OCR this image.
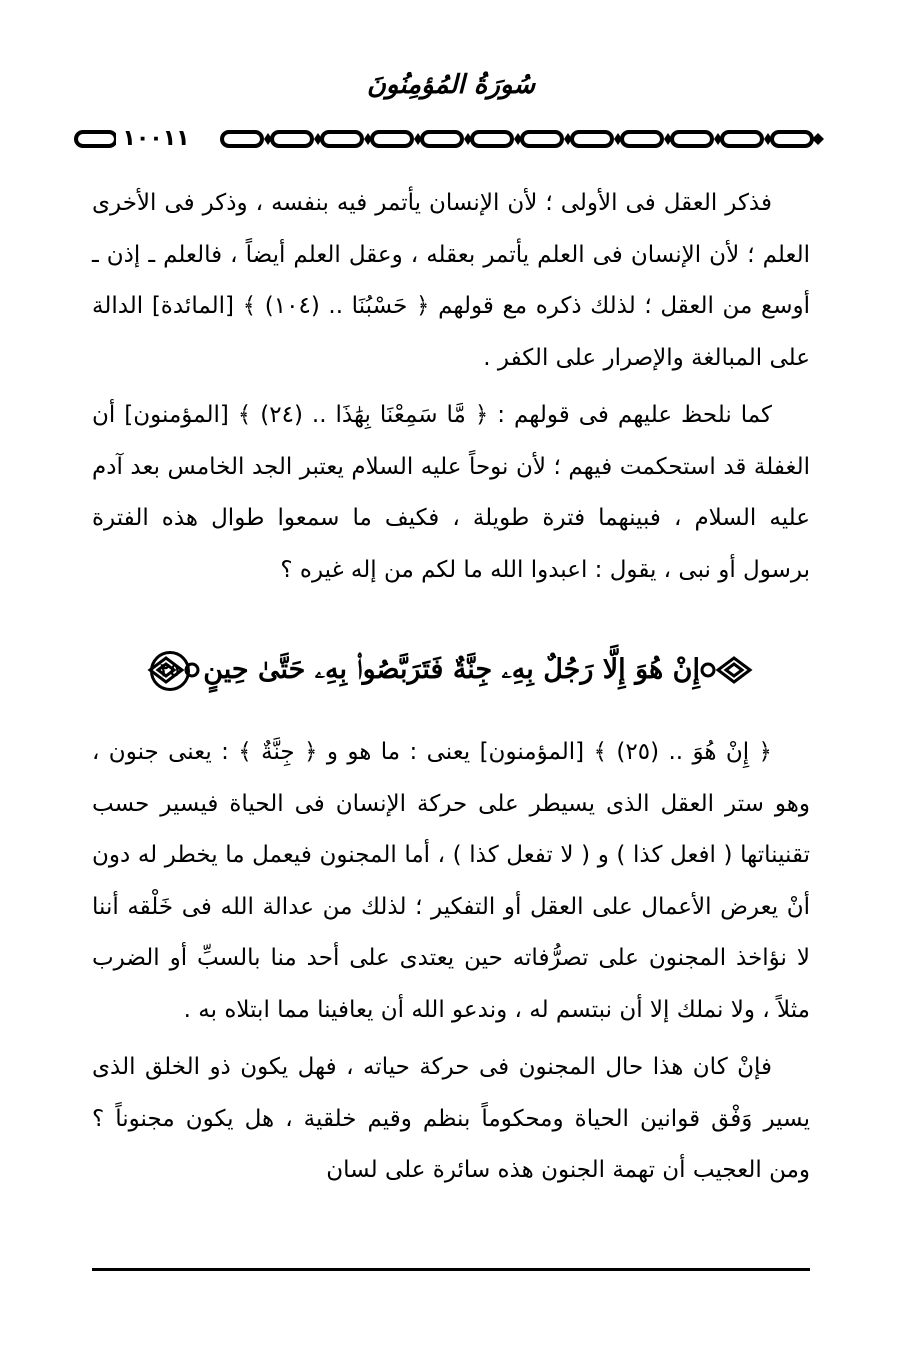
سُورَةُ المُؤمِنُونَ
١٠٠١١

فذكر العقل فى الأولى ؛ لأن الإنسان يأتمر فيه بنفسه ، وذكر فى الأخرى العلم ؛ لأن الإنسان فى العلم يأتمر بعقله ، وعقل العلم أيضاً ، فالعلم ـ إذن ـ أوسع من العقل ؛ لذلك ذكره مع قولهم ﴿ حَسْبُنَا .. (١٠٤) ﴾ [المائدة] الدالة على المبالغة والإصرار على الكفر .

كما نلحظ عليهم فى قولهم : ﴿ مَّا سَمِعْنَا بِهَٰذَا .. (٢٤) ﴾ [المؤمنون] أن الغفلة قد استحكمت فيهم ؛ لأن نوحاً عليه السلام يعتبر الجد الخامس بعد آدم عليه السلام ، فبينهما فترة طويلة ، فكيف ما سمعوا طوال هذه الفترة برسول أو نبى ، يقول : اعبدوا الله ما لكم من إله غيره ؟

إِنْ هُوَ إِلَّا رَجُلٌ بِهِۦ جِنَّةٌ فَتَرَبَّصُوا۟ بِهِۦ حَتَّىٰ حِينٍ ٢٥

﴿ إِنْ هُوَ .. (٢٥) ﴾ [المؤمنون] يعنى : ما هو و ﴿ جِنَّةٌ ﴾ : يعنى جنون ، وهو ستر العقل الذى يسيطر على حركة الإنسان فى الحياة فيسير حسب تقنيناتها ( افعل كذا ) و ( لا تفعل كذا ) ، أما المجنون فيعمل ما يخطر له دون أنْ يعرض الأعمال على العقل أو التفكير ؛ لذلك من عدالة الله فى خَلْقه أننا لا نؤاخذ المجنون على تصرُّفاته حين يعتدى على أحد منا بالسبِّ أو الضرب مثلاً ، ولا نملك إلا أن نبتسم له ، وندعو الله أن يعافينا مما ابتلاه به .

فإنْ كان هذا حال المجنون فى حركة حياته ، فهل يكون ذو الخلق الذى يسير وَفْق قوانين الحياة ومحكوماً بنظم وقيم خلقية ، هل يكون مجنوناً ؟ ومن العجيب أن تهمة الجنون هذه سائرة على لسان
